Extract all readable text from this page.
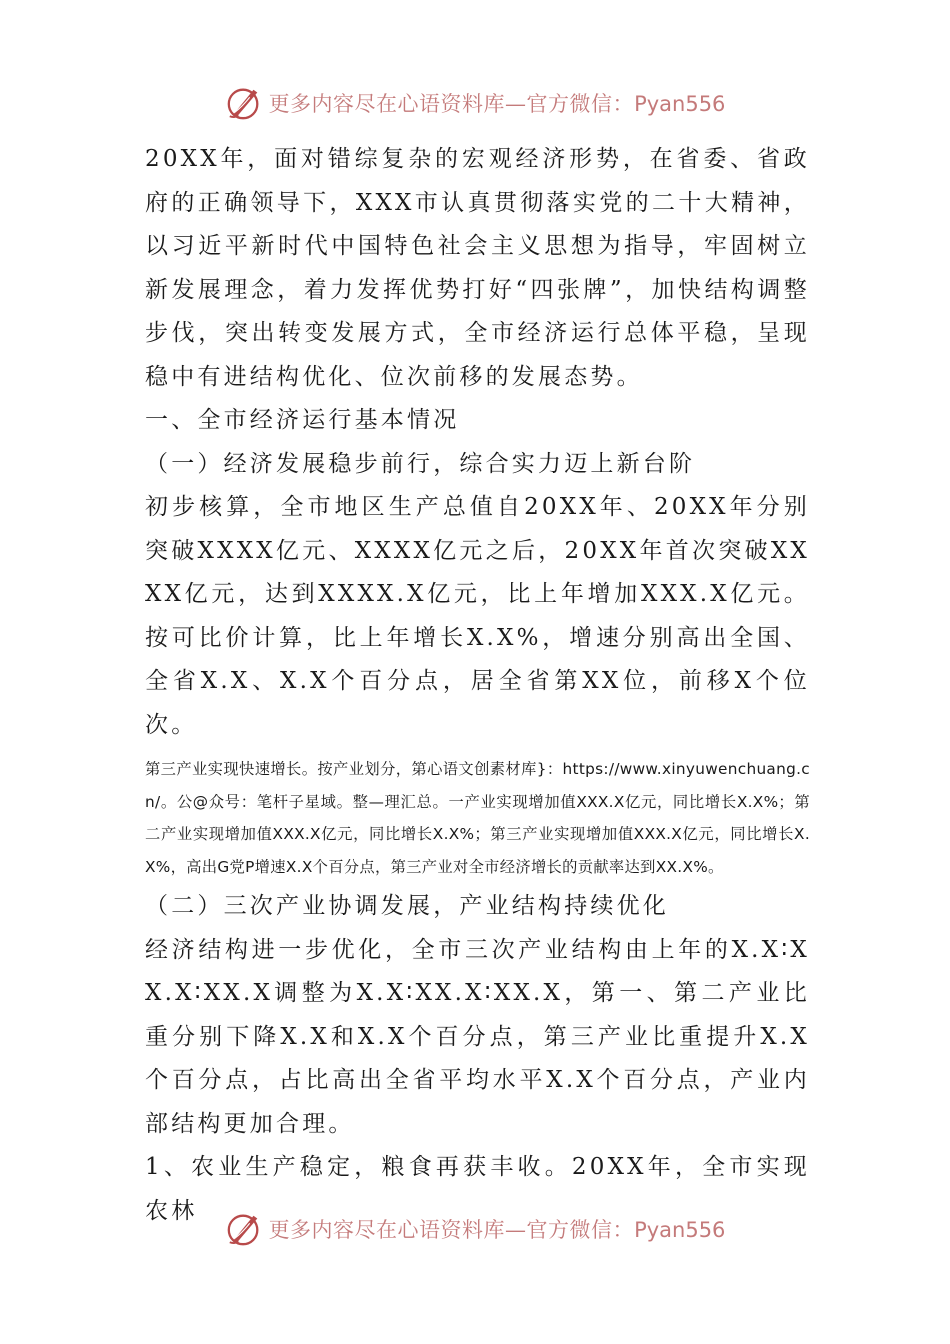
更多内容尽在心语资料库—官方微信：Pyan556

20XX年，面对错综复杂的宏观经济形势，在省委、省政府的正确领导下，XXX市认真贯彻落实党的二十大精神，以习近平新时代中国特色社会主义思想为指导，牢固树立新发展理念，着力发挥优势打好“四张牌”，加快结构调整步伐，突出转变发展方式，全市经济运行总体平稳，呈现稳中有进结构优化、位次前移的发展态势。

一、全市经济运行基本情况

（一）经济发展稳步前行，综合实力迈上新台阶

初步核算，全市地区生产总值自20XX年、20XX年分别突破XXXX亿元、XXXX亿元之后，20XX年首次突破XXXX亿元，达到XXXX.X亿元，比上年增加XXX.X亿元。按可比价计算，比上年增长X.X%，增速分别高出全国、全省X.X、X.X个百分点，居全省第XX位，前移X个位次。

第三产业实现快速增长。按产业划分，第心语文创素材库}：https://www.xinyuwenchuang.cn/。公@众号：笔杆子星域。整—理汇总。一产业实现增加值XXX.X亿元，同比增长X.X%；第二产业实现增加值XXX.X亿元，同比增长X.X%；第三产业实现增加值XXX.X亿元，同比增长X.X%，高出G党P增速X.X个百分点，第三产业对全市经济增长的贡献率达到XX.X%。

（二）三次产业协调发展，产业结构持续优化

经济结构进一步优化，全市三次产业结构由上年的X.X∶XX.X∶XX.X调整为X.X∶XX.X∶XX.X，第一、第二产业比重分别下降X.X和X.X个百分点，第三产业比重提升X.X个百分点，占比高出全省平均水平X.X个百分点，产业内部结构更加合理。

1、农业生产稳定，粮食再获丰收。20XX年，全市实现农林

更多内容尽在心语资料库—官方微信：Pyan556
